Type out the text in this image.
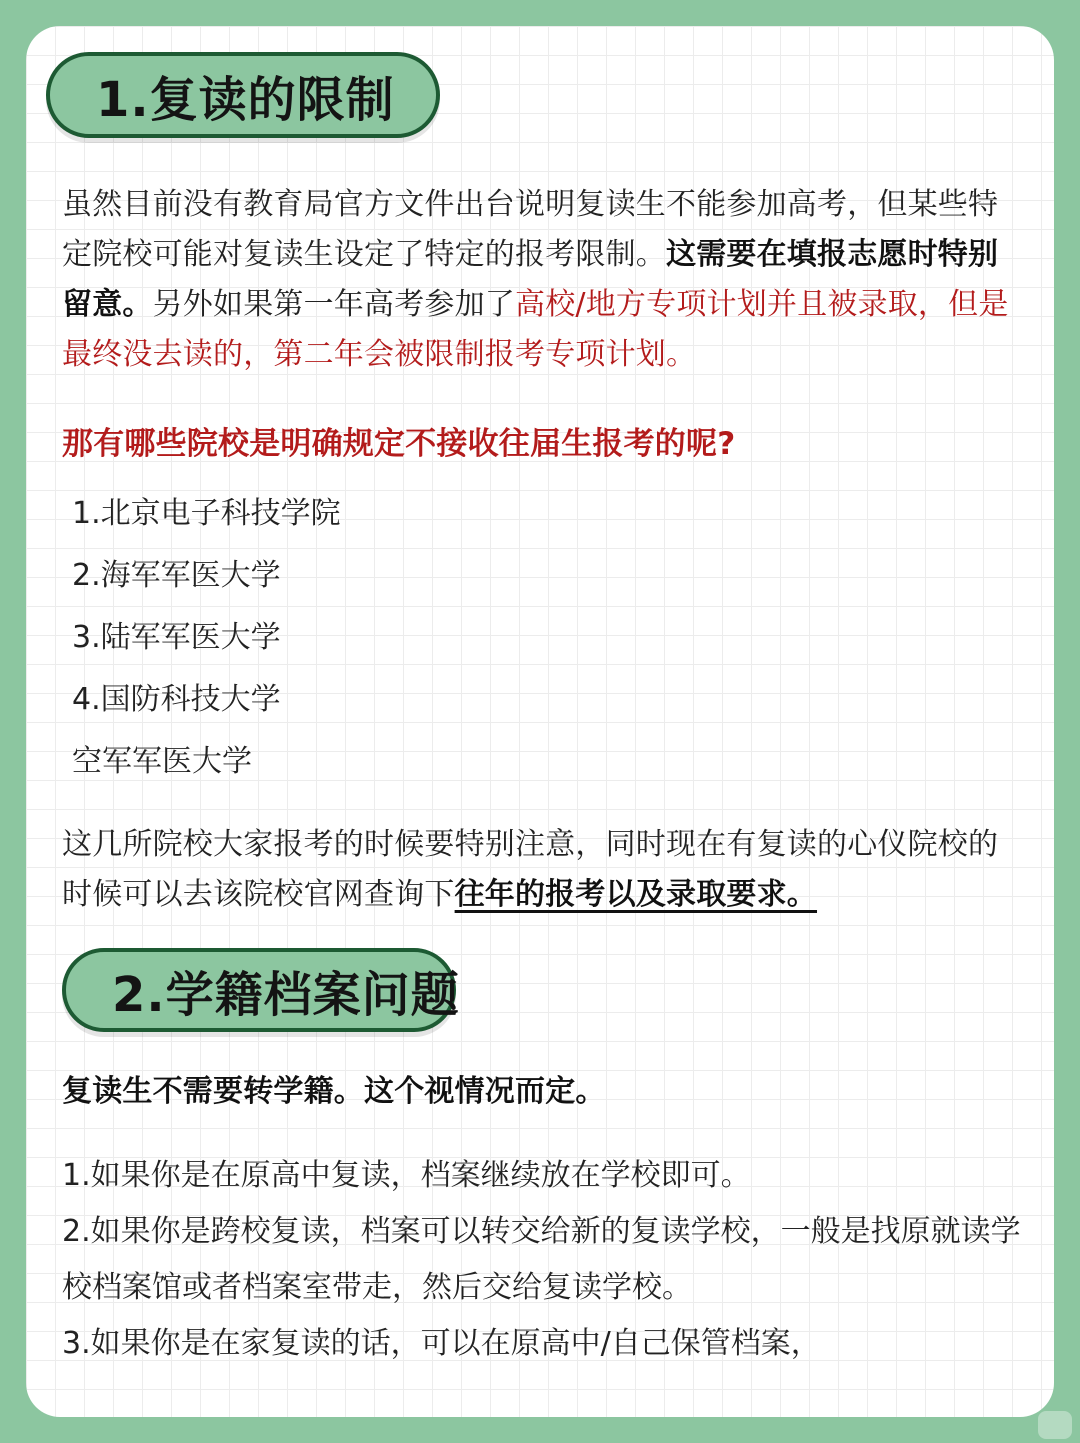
1.复读的限制
虽然目前没有教育局官方文件出台说明复读生不能参加高考，但某些特定院校可能对复读生设定了特定的报考限制。这需要在填报志愿时特别留意。另外如果第一年高考参加了高校/地方专项计划并且被录取，但是最终没去读的，第二年会被限制报考专项计划。
那有哪些院校是明确规定不接收往届生报考的呢?
1.北京电子科技学院
2.海军军医大学
3.陆军军医大学
4.国防科技大学
空军军医大学
这几所院校大家报考的时候要特别注意，同时现在有复读的心仪院校的时候可以去该院校官网查询下往年的报考以及录取要求。
2.学籍档案问题
复读生不需要转学籍。这个视情况而定。
1.如果你是在原高中复读，档案继续放在学校即可。
2.如果你是跨校复读，档案可以转交给新的复读学校，一般是找原就读学校档案馆或者档案室带走，然后交给复读学校。
3.如果你是在家复读的话，可以在原高中/自己保管档案，
